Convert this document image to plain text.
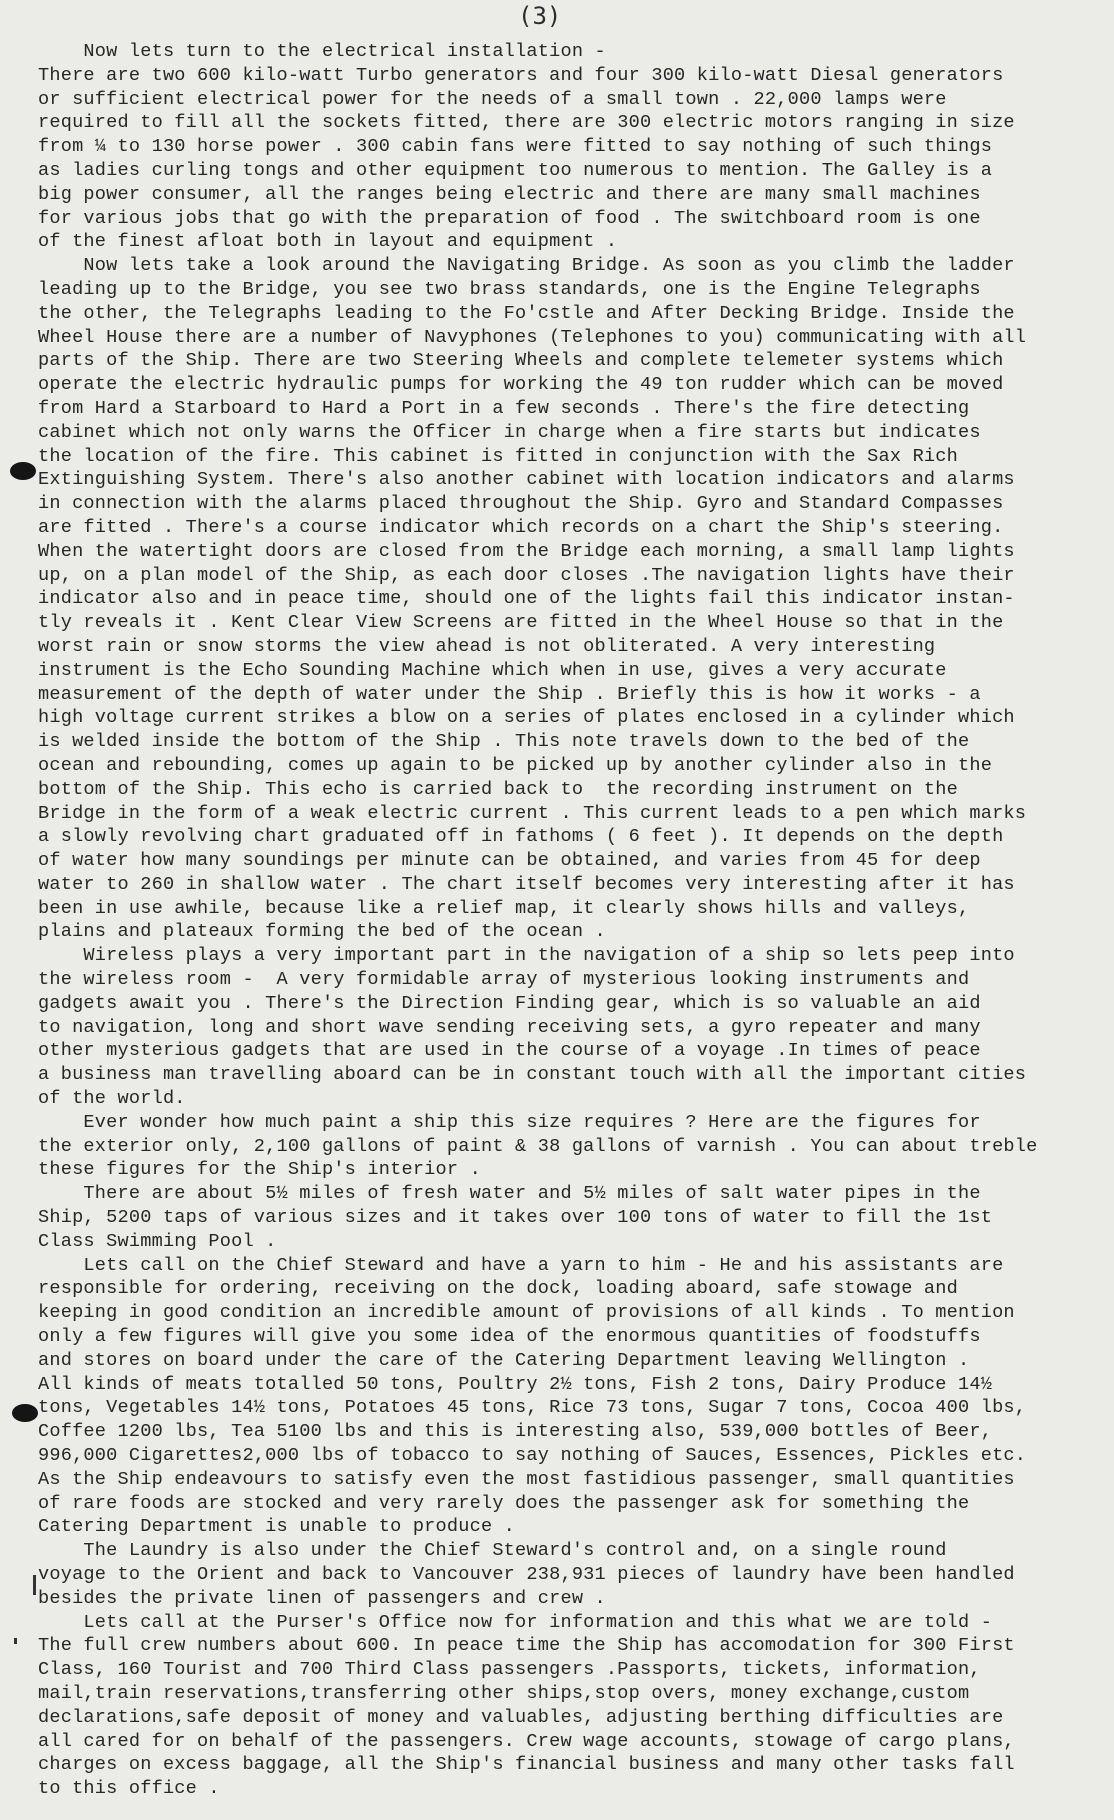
(3)
Now lets turn to the electrical installation -
There are two 600 kilo-watt Turbo generators and four 300 kilo-watt Diesal generators
or sufficient electrical power for the needs of a small town . 22,000 lamps were
required to fill all the sockets fitted, there are 300 electric motors ranging in size
from ¼ to 130 horse power . 300 cabin fans were fitted to say nothing of such things
as ladies curling tongs and other equipment too numerous to mention. The Galley is a
big power consumer, all the ranges being electric and there are many small machines
for various jobs that go with the preparation of food . The switchboard room is one
of the finest afloat both in layout and equipment .
Now lets take a look around the Navigating Bridge. As soon as you climb the ladder
leading up to the Bridge, you see two brass standards, one is the Engine Telegraphs
the other, the Telegraphs leading to the Fo'cstle and After Decking Bridge. Inside the
Wheel House there are a number of Navyphones (Telephones to you) communicating with all
parts of the Ship. There are two Steering Wheels and complete telemeter systems which
operate the electric hydraulic pumps for working the 49 ton rudder which can be moved
from Hard a Starboard to Hard a Port in a few seconds . There's the fire detecting
cabinet which not only warns the Officer in charge when a fire starts but indicates
the location of the fire. This cabinet is fitted in conjunction with the Sax Rich
Extinguishing System. There's also another cabinet with location indicators and alarms
in connection with the alarms placed throughout the Ship. Gyro and Standard Compasses
are fitted . There's a course indicator which records on a chart the Ship's steering.
When the watertight doors are closed from the Bridge each morning, a small lamp lights
up, on a plan model of the Ship, as each door closes .The navigation lights have their
indicator also and in peace time, should one of the lights fail this indicator instan-
tly reveals it . Kent Clear View Screens are fitted in the Wheel House so that in the
worst rain or snow storms the view ahead is not obliterated. A very interesting
instrument is the Echo Sounding Machine which when in use, gives a very accurate
measurement of the depth of water under the Ship . Briefly this is how it works - a
high voltage current strikes a blow on a series of plates enclosed in a cylinder which
is welded inside the bottom of the Ship . This note travels down to the bed of the
ocean and rebounding, comes up again to be picked up by another cylinder also in the
bottom of the Ship. This echo is carried back to  the recording instrument on the
Bridge in the form of a weak electric current . This current leads to a pen which marks
a slowly revolving chart graduated off in fathoms ( 6 feet ). It depends on the depth
of water how many soundings per minute can be obtained, and varies from 45 for deep
water to 260 in shallow water . The chart itself becomes very interesting after it has
been in use awhile, because like a relief map, it clearly shows hills and valleys,
plains and plateaux forming the bed of the ocean .
Wireless plays a very important part in the navigation of a ship so lets peep into
the wireless room -  A very formidable array of mysterious looking instruments and
gadgets await you . There's the Direction Finding gear, which is so valuable an aid
to navigation, long and short wave sending receiving sets, a gyro repeater and many
other mysterious gadgets that are used in the course of a voyage .In times of peace
a business man travelling aboard can be in constant touch with all the important cities
of the world.
Ever wonder how much paint a ship this size requires ? Here are the figures for
the exterior only, 2,100 gallons of paint & 38 gallons of varnish . You can about treble
these figures for the Ship's interior .
There are about 5½ miles of fresh water and 5½ miles of salt water pipes in the
Ship, 5200 taps of various sizes and it takes over 100 tons of water to fill the 1st
Class Swimming Pool .
Lets call on the Chief Steward and have a yarn to him - He and his assistants are
responsible for ordering, receiving on the dock, loading aboard, safe stowage and
keeping in good condition an incredible amount of provisions of all kinds . To mention
only a few figures will give you some idea of the enormous quantities of foodstuffs
and stores on board under the care of the Catering Department leaving Wellington .
All kinds of meats totalled 50 tons, Poultry 2½ tons, Fish 2 tons, Dairy Produce 14½
tons, Vegetables 14½ tons, Potatoes 45 tons, Rice 73 tons, Sugar 7 tons, Cocoa 400 lbs,
Coffee 1200 lbs, Tea 5100 lbs and this is interesting also, 539,000 bottles of Beer,
996,000 Cigarettes2,000 lbs of tobacco to say nothing of Sauces, Essences, Pickles etc.
As the Ship endeavours to satisfy even the most fastidious passenger, small quantities
of rare foods are stocked and very rarely does the passenger ask for something the
Catering Department is unable to produce .
The Laundry is also under the Chief Steward's control and, on a single round
voyage to the Orient and back to Vancouver 238,931 pieces of laundry have been handled
besides the private linen of passengers and crew .
Lets call at the Purser's Office now for information and this what we are told -
The full crew numbers about 600. In peace time the Ship has accomodation for 300 First
Class, 160 Tourist and 700 Third Class passengers .Passports, tickets, information,
mail,train reservations,transferring other ships,stop overs, money exchange,custom
declarations,safe deposit of money and valuables, adjusting berthing difficulties are
all cared for on behalf of the passengers. Crew wage accounts, stowage of cargo plans,
charges on excess baggage, all the Ship's financial business and many other tasks fall
to this office .
